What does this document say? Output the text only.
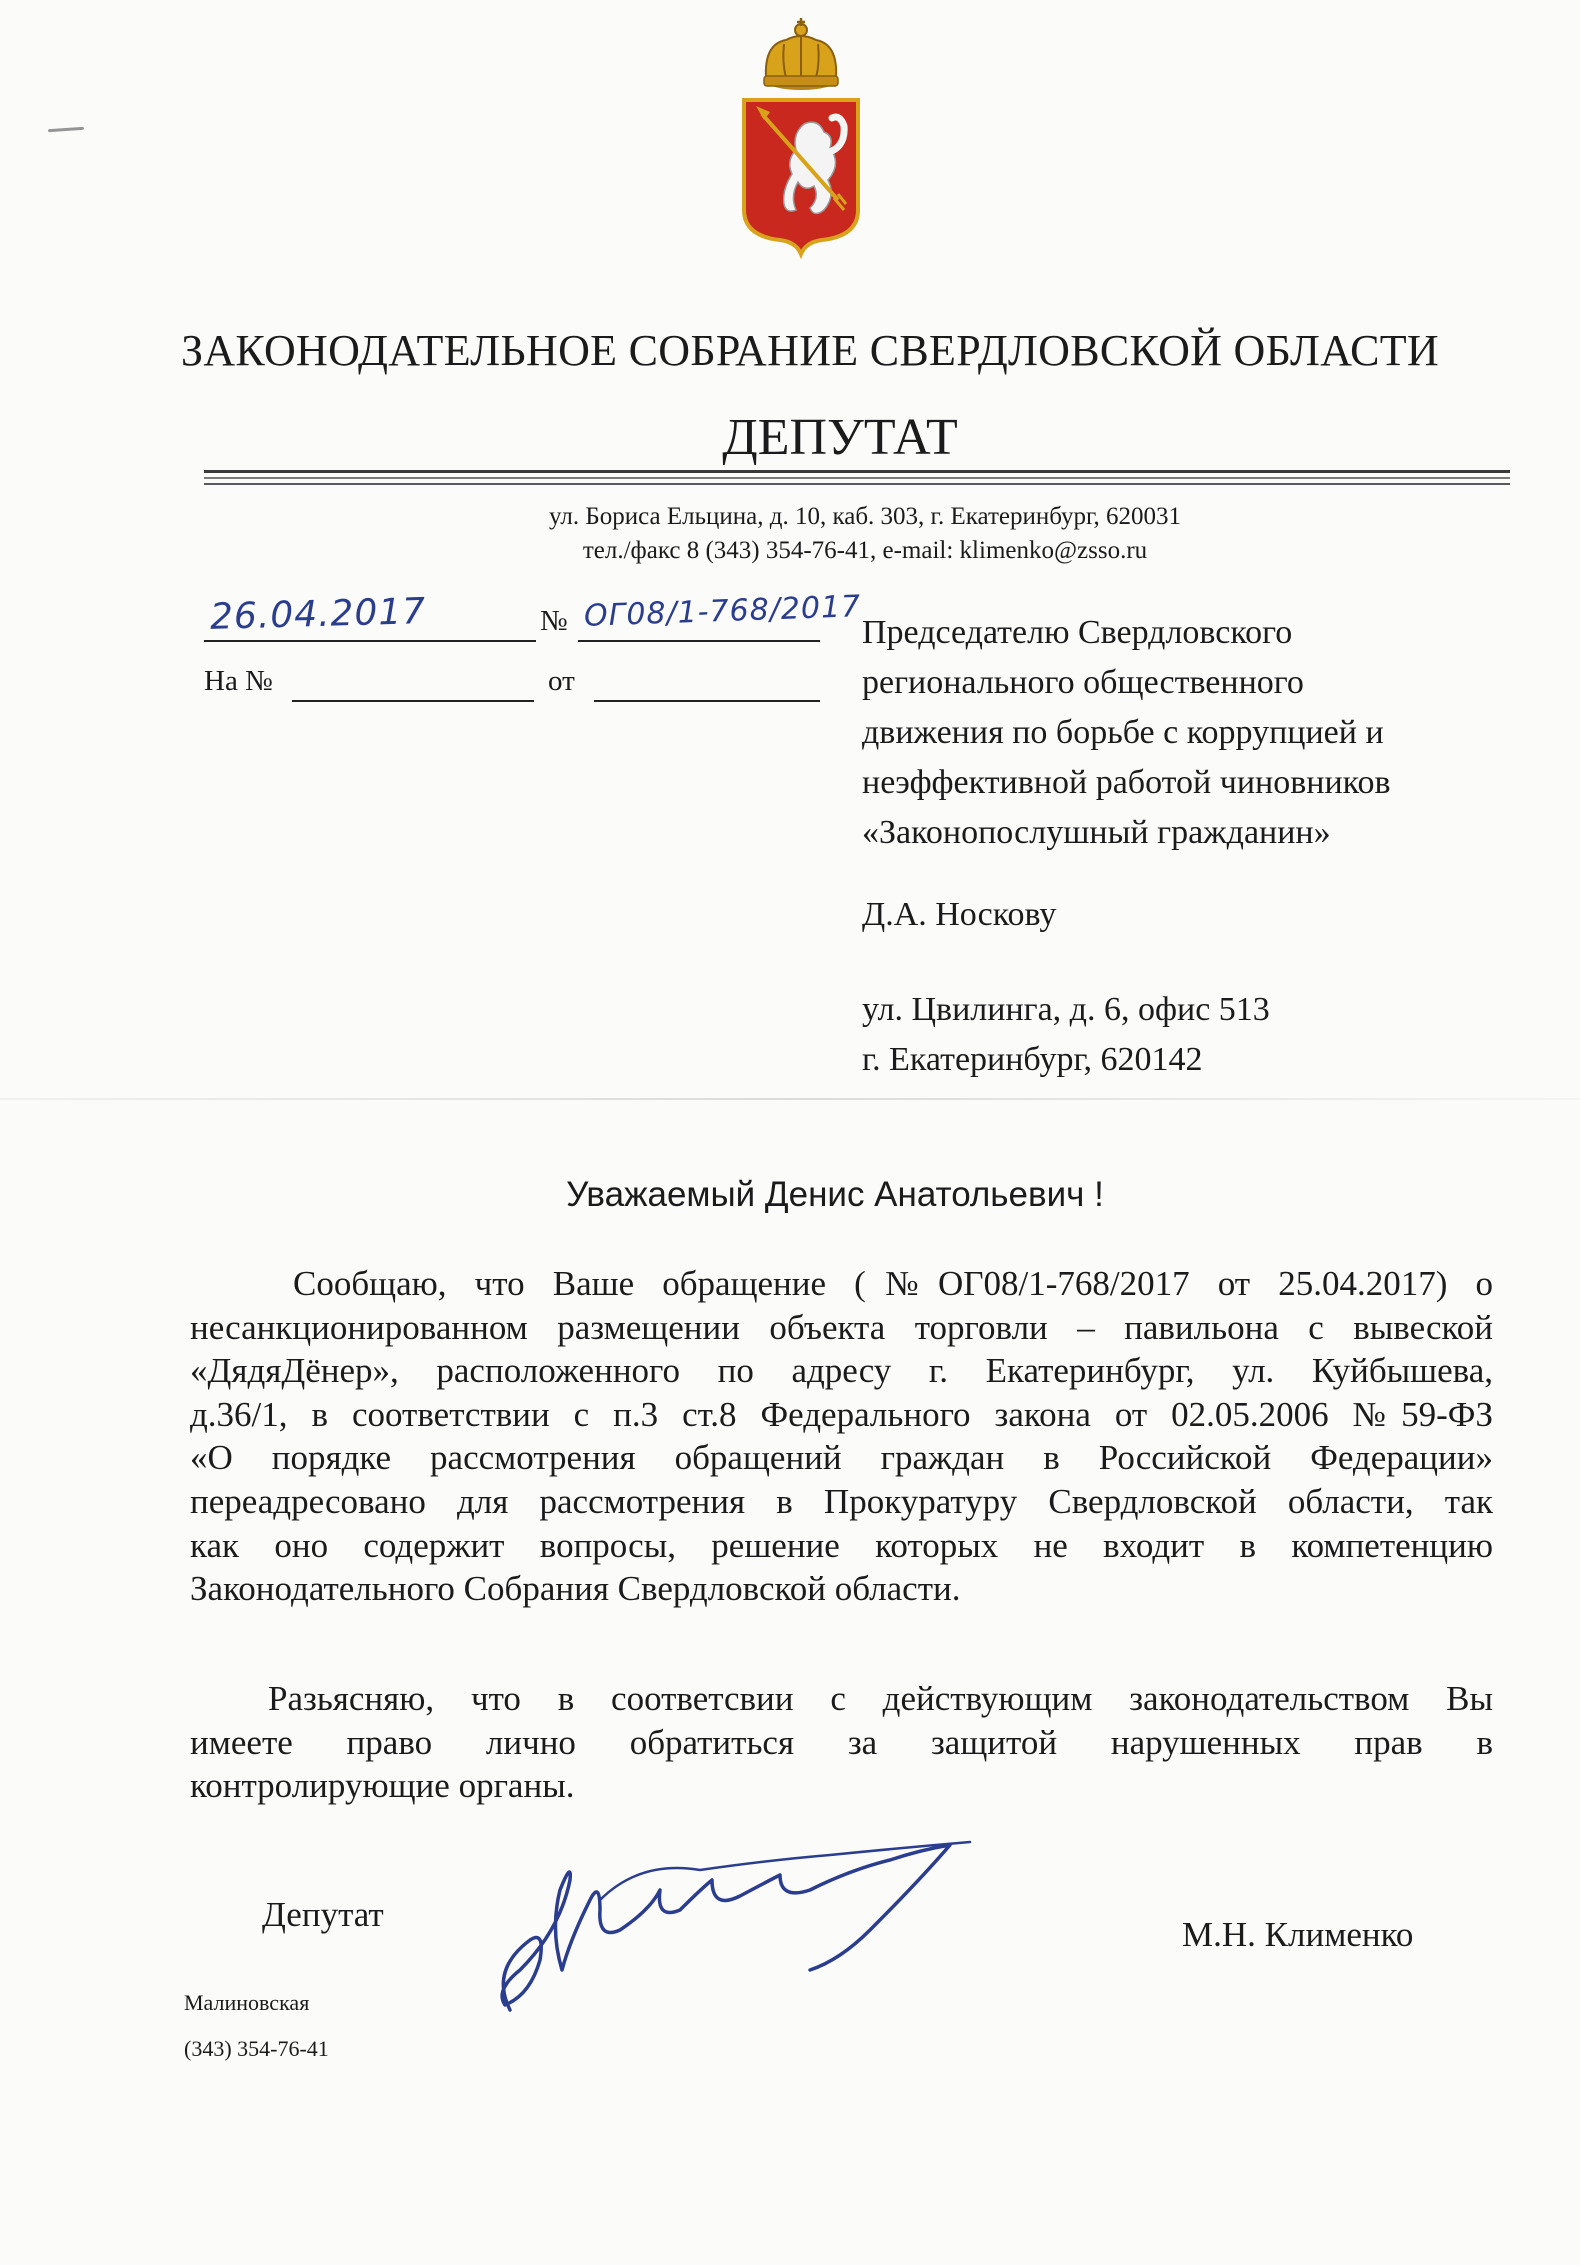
ЗАКОНОДАТЕЛЬНОЕ СОБРАНИЕ СВЕРДЛОВСКОЙ ОБЛАСТИ
ДЕПУТАТ
ул. Бориса Ельцина, д. 10, каб. 303, г. Екатеринбург, 620031
тел./факс 8 (343) 354-76-41, e-mail: klimenko@zsso.ru
26.04.2017	№ ОГ08/1-768/2017
На №	от
Председателю Свердловского
регионального общественного
движения по борьбе с коррупцией и
неэффективной работой чиновников
«Законопослушный гражданин»
Д.А. Носкову
ул. Цвилинга, д. 6, офис 513
г. Екатеринбург, 620142
Уважаемый Денис Анатольевич !
Сообщаю, что Ваше обращение (№ОГ08/1-768/2017 от 25.04.2017) о
несанкционированном размещении объекта торговли – павильона с вывеской
«ДядяДёнер», расположенного по адресу г. Екатеринбург, ул. Куйбышева,
д.36/1, в соответствии с п.3 ст.8 Федерального закона от 02.05.2006 №59-ФЗ
«О порядке рассмотрения обращений граждан в Российской Федерации»
переадресовано для рассмотрения в Прокуратуру Свердловской области, так
как оно содержит вопросы, решение которых не входит в компетенцию
Законодательного Собрания Свердловской области.
Разьясняю, что в соответсвии с действующим законодательством Вы
имеете право лично обратиться за защитой нарушенных прав в
контролирующие органы.
Депутат
М.Н. Клименко
Малиновская
(343) 354-76-41
